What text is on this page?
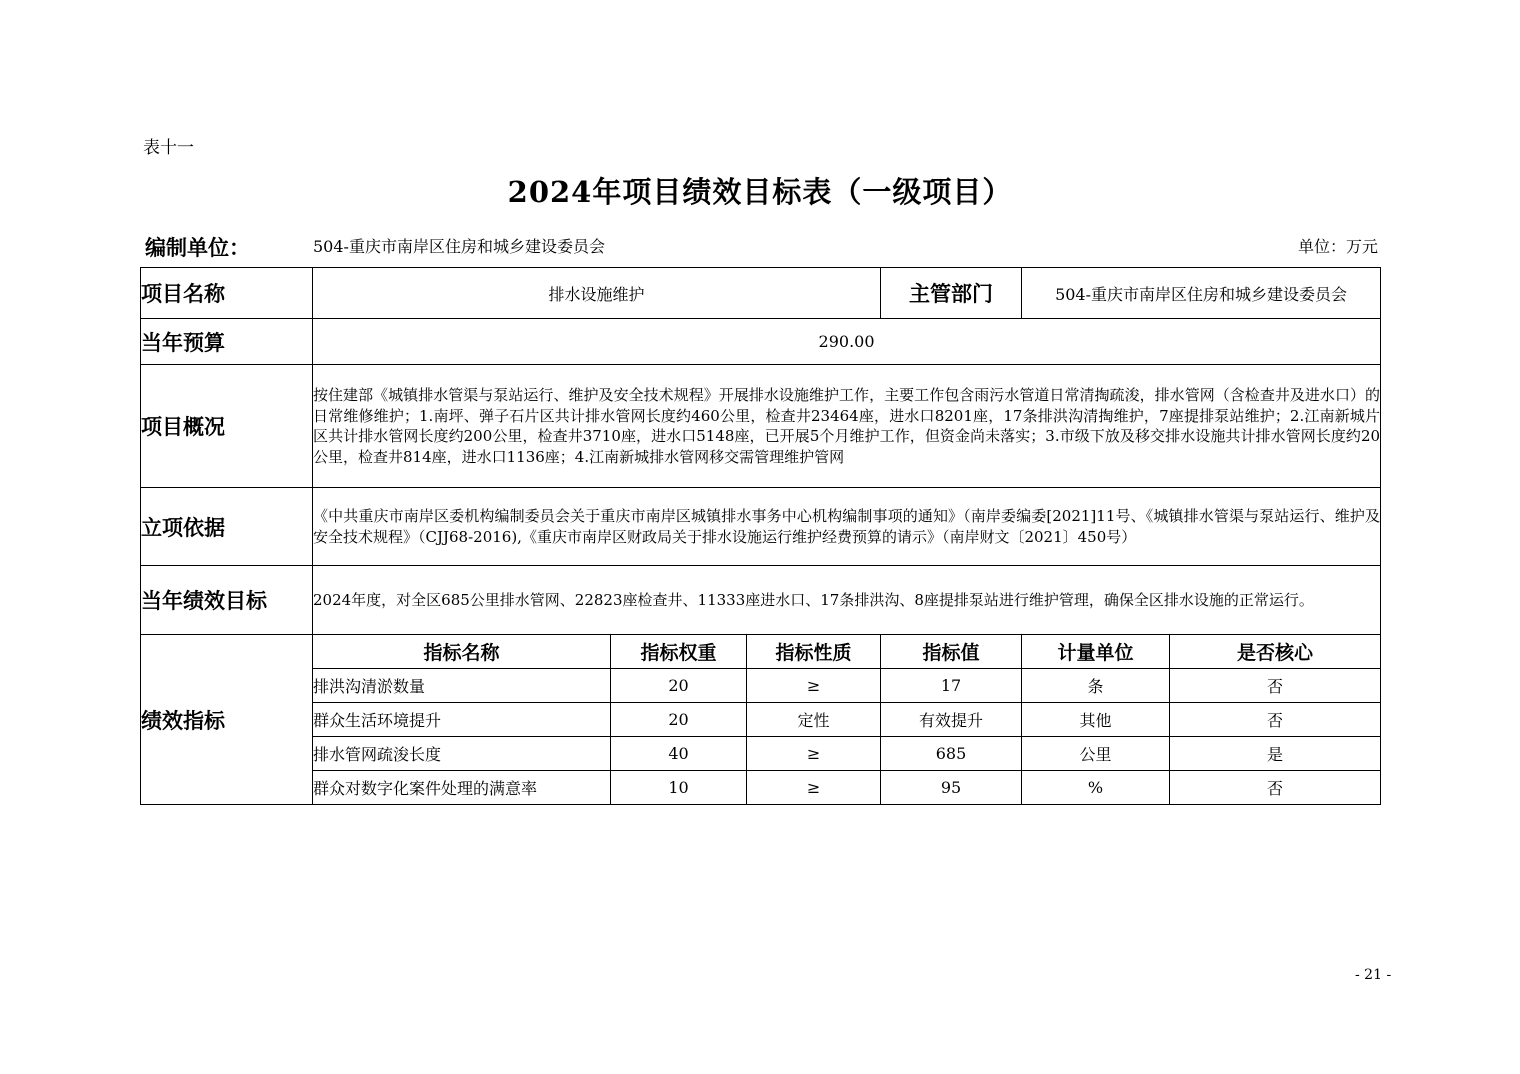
表十一
2024年项目绩效目标表（一级项目）
编制单位：	504-重庆市南岸区住房和城乡建设委员会	单位：万元
项目名称	排水设施维护			主管部门	504-重庆市南岸区住房和城乡建设委员会	
当年预算	290.00					
项目概况	按住建部《城镇排水管渠与泵站运行、维护及安全技术规程》开展排水设施维护工作，主要工作包含雨污水管道日常清掏疏浚，排水管网（含检查井及进水口）的日常维修维护；1.南坪、弹子石片区共计排水管网长度约460公里，检查井23464座，进水口8201座，17条排洪沟清掏维护，7座提排泵站维护；2.江南新城片区共计排水管网长度约200公里，检查井3710座，进水口5148座，已开展5个月维护工作，但资金尚未落实；3.市级下放及移交排水设施共计排水管网长度约20公里，检查井814座，进水口1136座；4.江南新城排水管网移交需管理维护管网					
立项依据	《中共重庆市南岸区委机构编制委员会关于重庆市南岸区城镇排水事务中心机构编制事项的通知》（南岸委编委[2021]11号、《城镇排水管渠与泵站运行、维护及安全技术规程》（CJJ68-2016),《重庆市南岸区财政局关于排水设施运行维护经费预算的请示》（南岸财文〔2021〕450号）					
当年绩效目标	2024年度，对全区685公里排水管网、22823座检查井、11333座进水口、17条排洪沟、8座提排泵站进行维护管理，确保全区排水设施的正常运行。					
绩效指标	指标名称	指标权重	指标性质	指标值	计量单位	是否核心
	排洪沟清淤数量	20	≥	17	条	否
	群众生活环境提升	20	定性	有效提升	其他	否
	排水管网疏浚长度	40	≥	685	公里	是
	群众对数字化案件处理的满意率	10	≥	95	%	否
- 21 -
